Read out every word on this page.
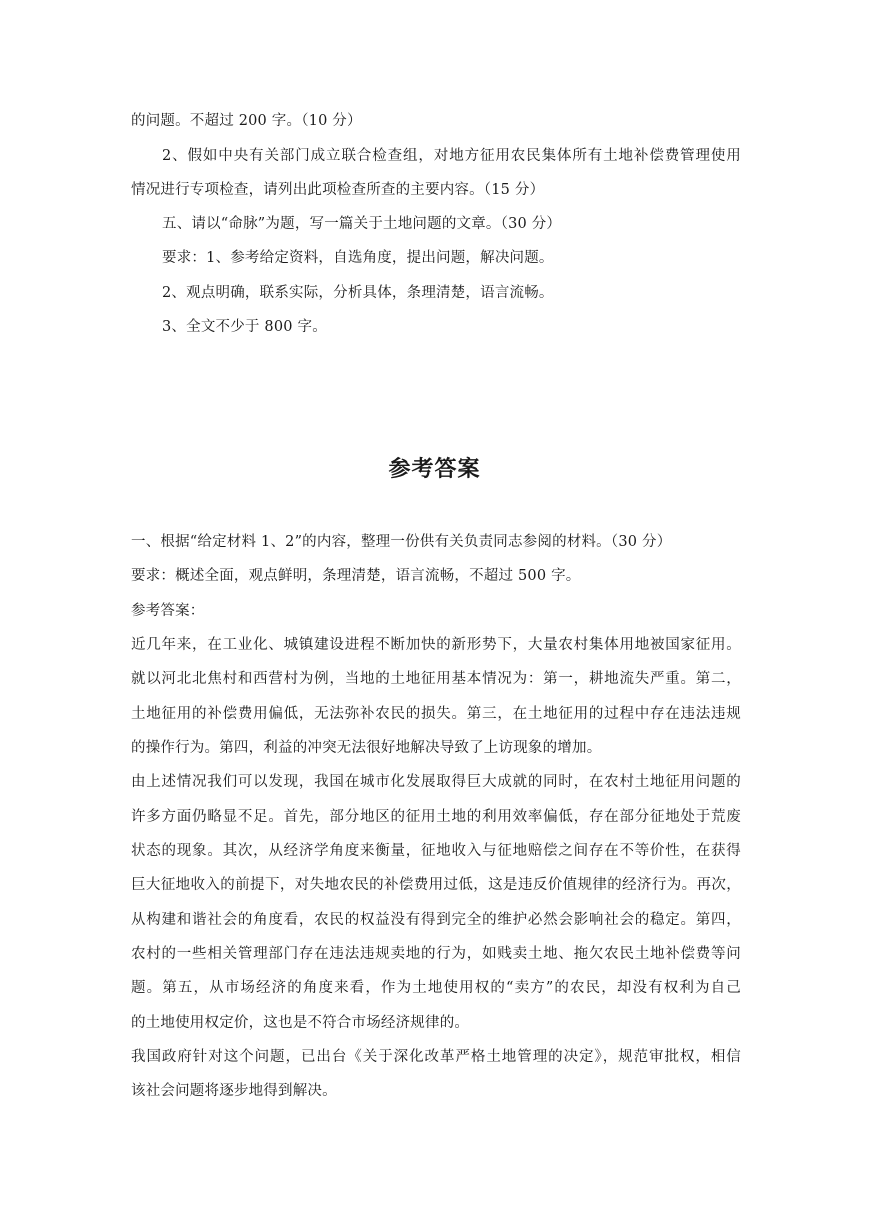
的问题。不超过 200 字。（10 分）
2、假如中央有关部门成立联合检查组，对地方征用农民集体所有土地补偿费管理使用
情况进行专项检查，请列出此项检查所查的主要内容。（15 分）
五、请以“命脉”为题，写一篇关于土地问题的文章。（30 分）
要求：1、参考给定资料，自选角度，提出问题，解决问题。
2、观点明确，联系实际，分析具体，条理清楚，语言流畅。
3、全文不少于 800 字。
参考答案
一、根据“给定材料 1、2”的内容，整理一份供有关负责同志参阅的材料。（30 分）
要求：概述全面，观点鲜明，条理清楚，语言流畅，不超过 500 字。
参考答案：
近几年来，在工业化、城镇建设进程不断加快的新形势下，大量农村集体用地被国家征用。
就以河北北焦村和西营村为例，当地的土地征用基本情况为：第一，耕地流失严重。第二，
土地征用的补偿费用偏低，无法弥补农民的损失。第三，在土地征用的过程中存在违法违规
的操作行为。第四，利益的冲突无法很好地解决导致了上访现象的增加。
由上述情况我们可以发现，我国在城市化发展取得巨大成就的同时，在农村土地征用问题的
许多方面仍略显不足。首先，部分地区的征用土地的利用效率偏低，存在部分征地处于荒废
状态的现象。其次，从经济学角度来衡量，征地收入与征地赔偿之间存在不等价性，在获得
巨大征地收入的前提下，对失地农民的补偿费用过低，这是违反价值规律的经济行为。再次，
从构建和谐社会的角度看，农民的权益没有得到完全的维护必然会影响社会的稳定。第四，
农村的一些相关管理部门存在违法违规卖地的行为，如贱卖土地、拖欠农民土地补偿费等问
题。第五，从市场经济的角度来看，作为土地使用权的“卖方”的农民，却没有权利为自己
的土地使用权定价，这也是不符合市场经济规律的。
我国政府针对这个问题，已出台《关于深化改革严格土地管理的决定》，规范审批权，相信
该社会问题将逐步地得到解决。
